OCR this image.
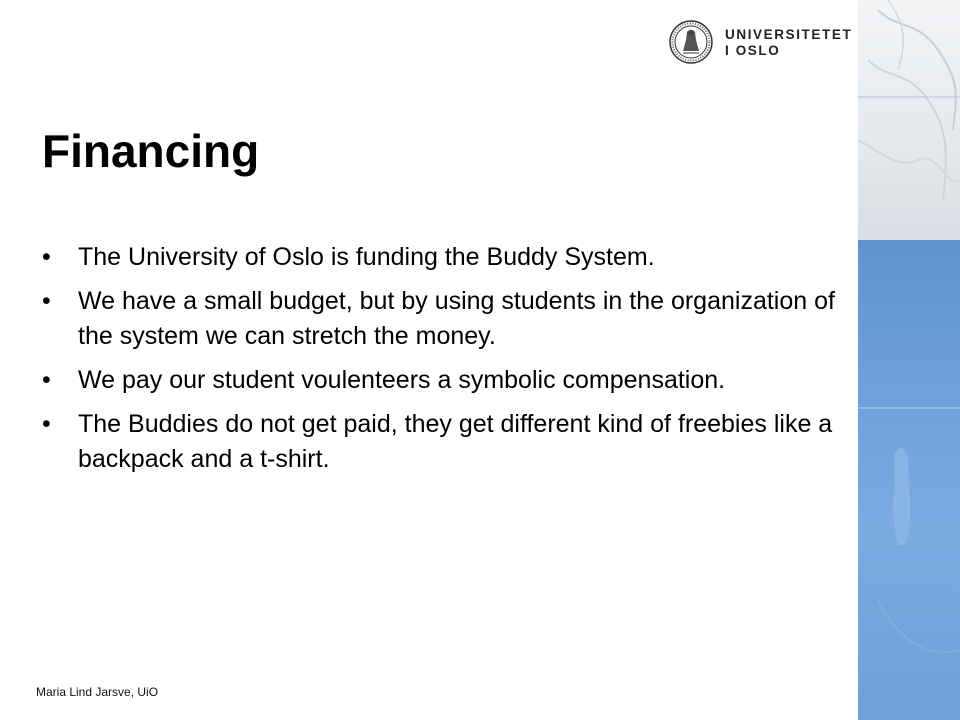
UNIVERSITETET
I OSLO
Financing
• The University of Oslo is funding the Buddy System.
• We have a small budget, but by using students in the organization of the system we can stretch the money.
• We pay our student voulenteers a symbolic compensation.
• The Buddies do not get paid, they get different kind of freebies like a backpack and a t-shirt.
Maria Lind Jarsve, UiO
